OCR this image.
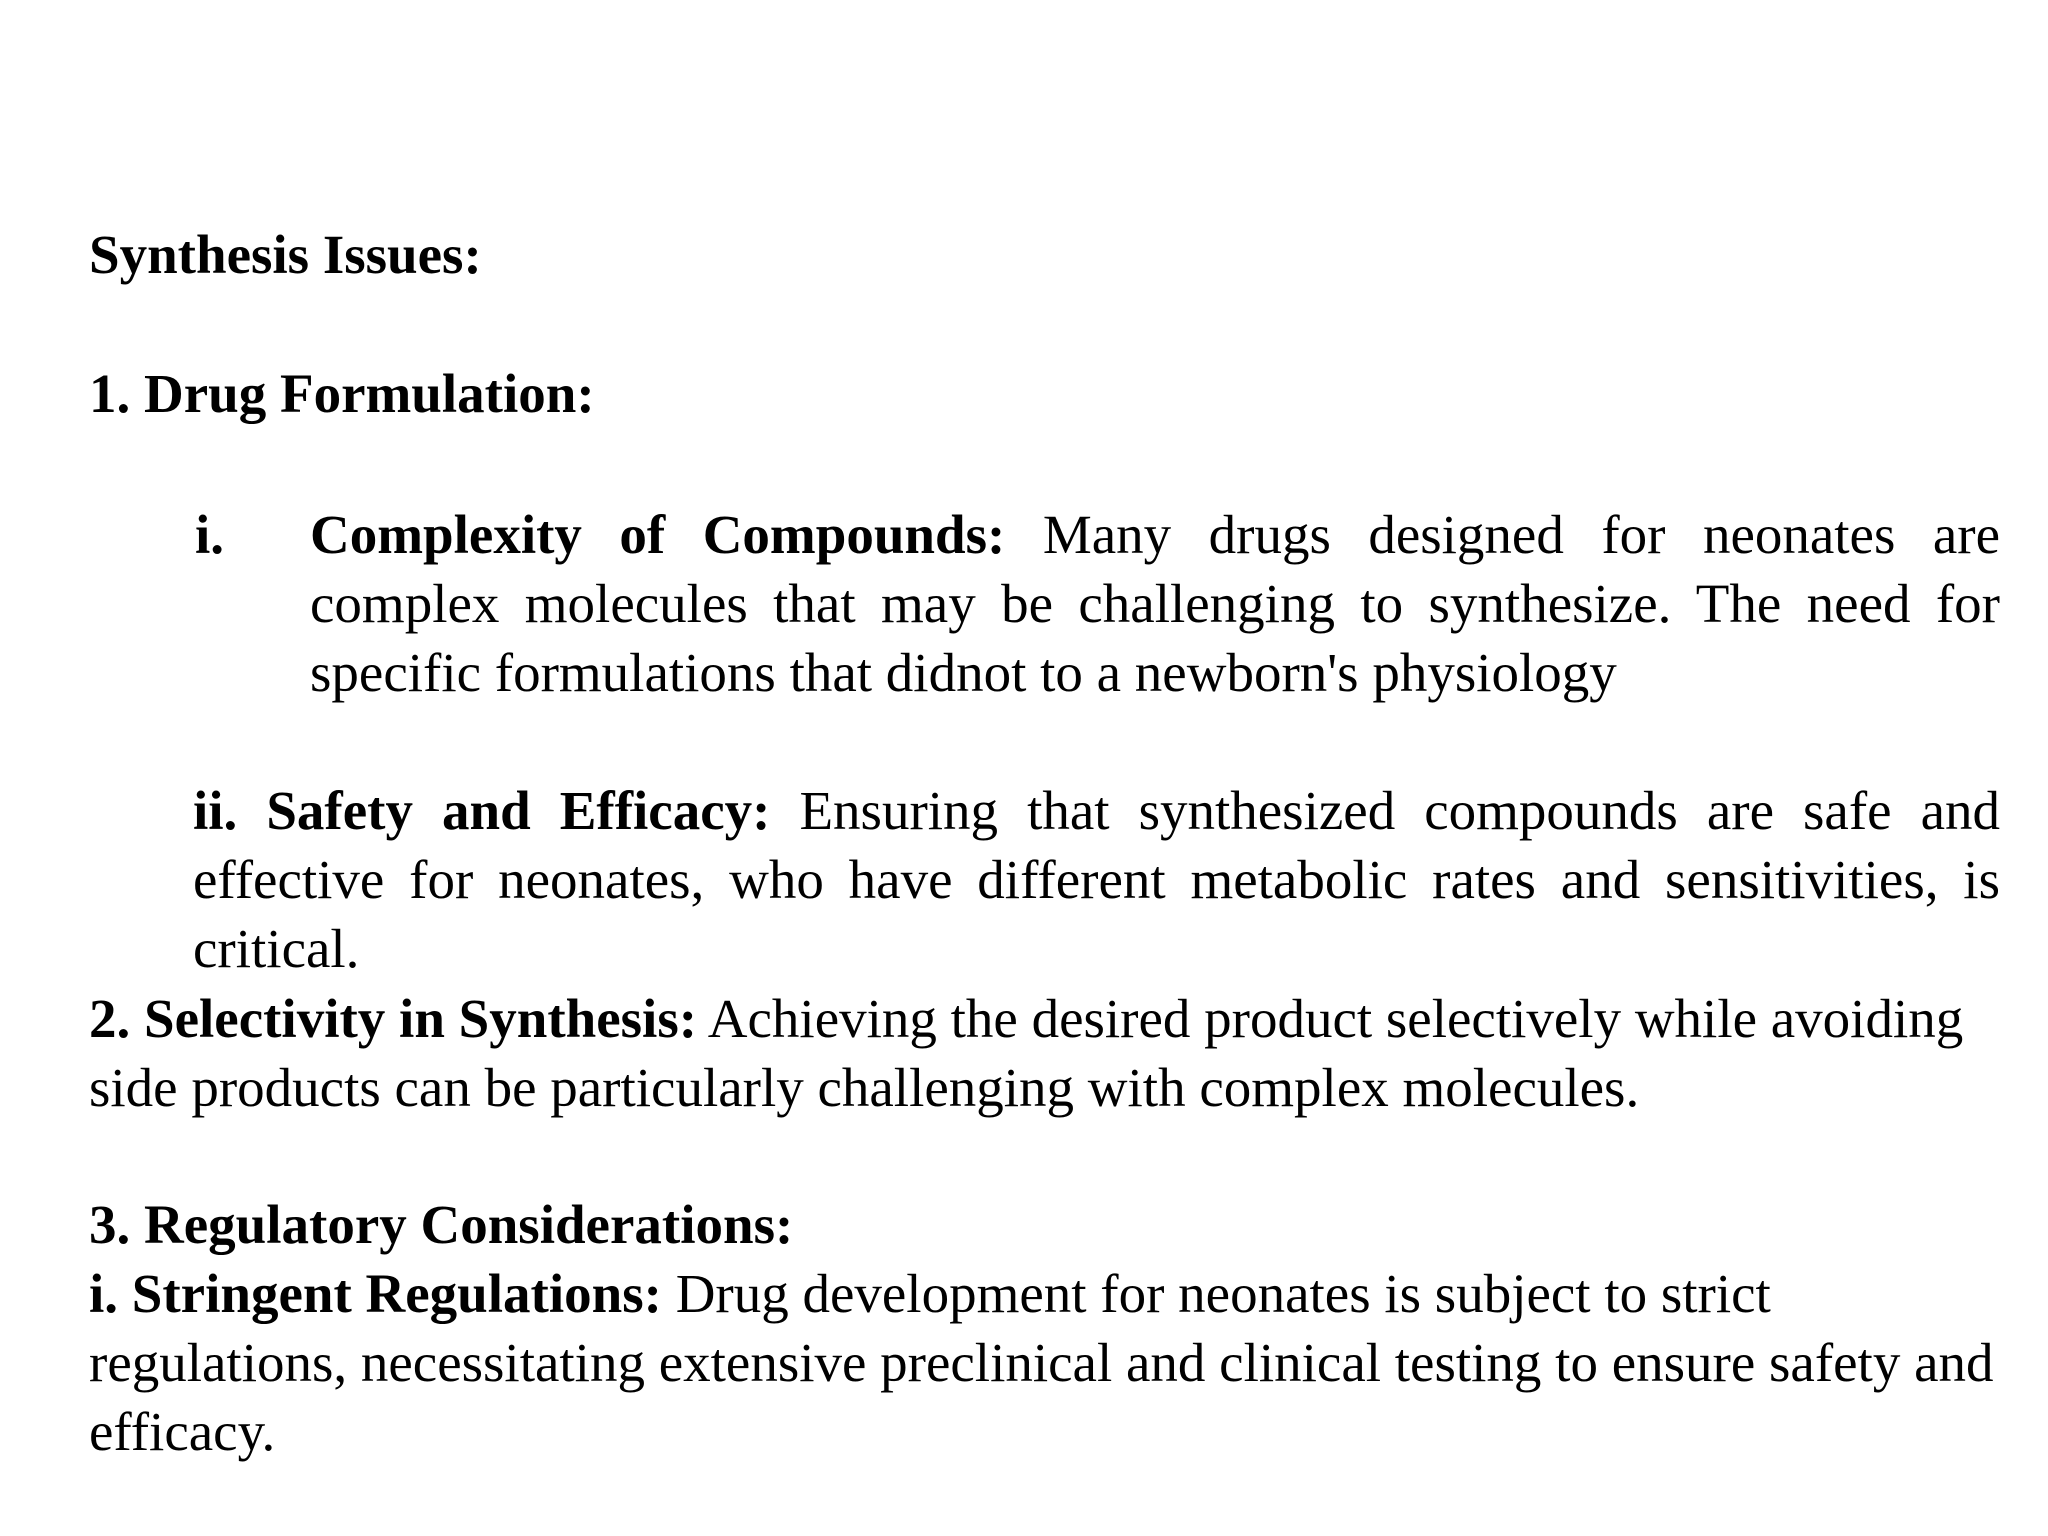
Synthesis Issues:
1. Drug Formulation:
i. Complexity of Compounds: Many drugs designed for neonates are complex molecules that may be challenging to synthesize. The need for specific formulations that didnot to a newborn's physiology
ii. Safety and Efficacy: Ensuring that synthesized compounds are safe and effective for neonates, who have different metabolic rates and sensitivities, is critical.
2. Selectivity in Synthesis: Achieving the desired product selectively while avoiding side products can be particularly challenging with complex molecules.
3. Regulatory Considerations:
i. Stringent Regulations: Drug development for neonates is subject to strict regulations, necessitating extensive preclinical and clinical testing to ensure safety and efficacy.
